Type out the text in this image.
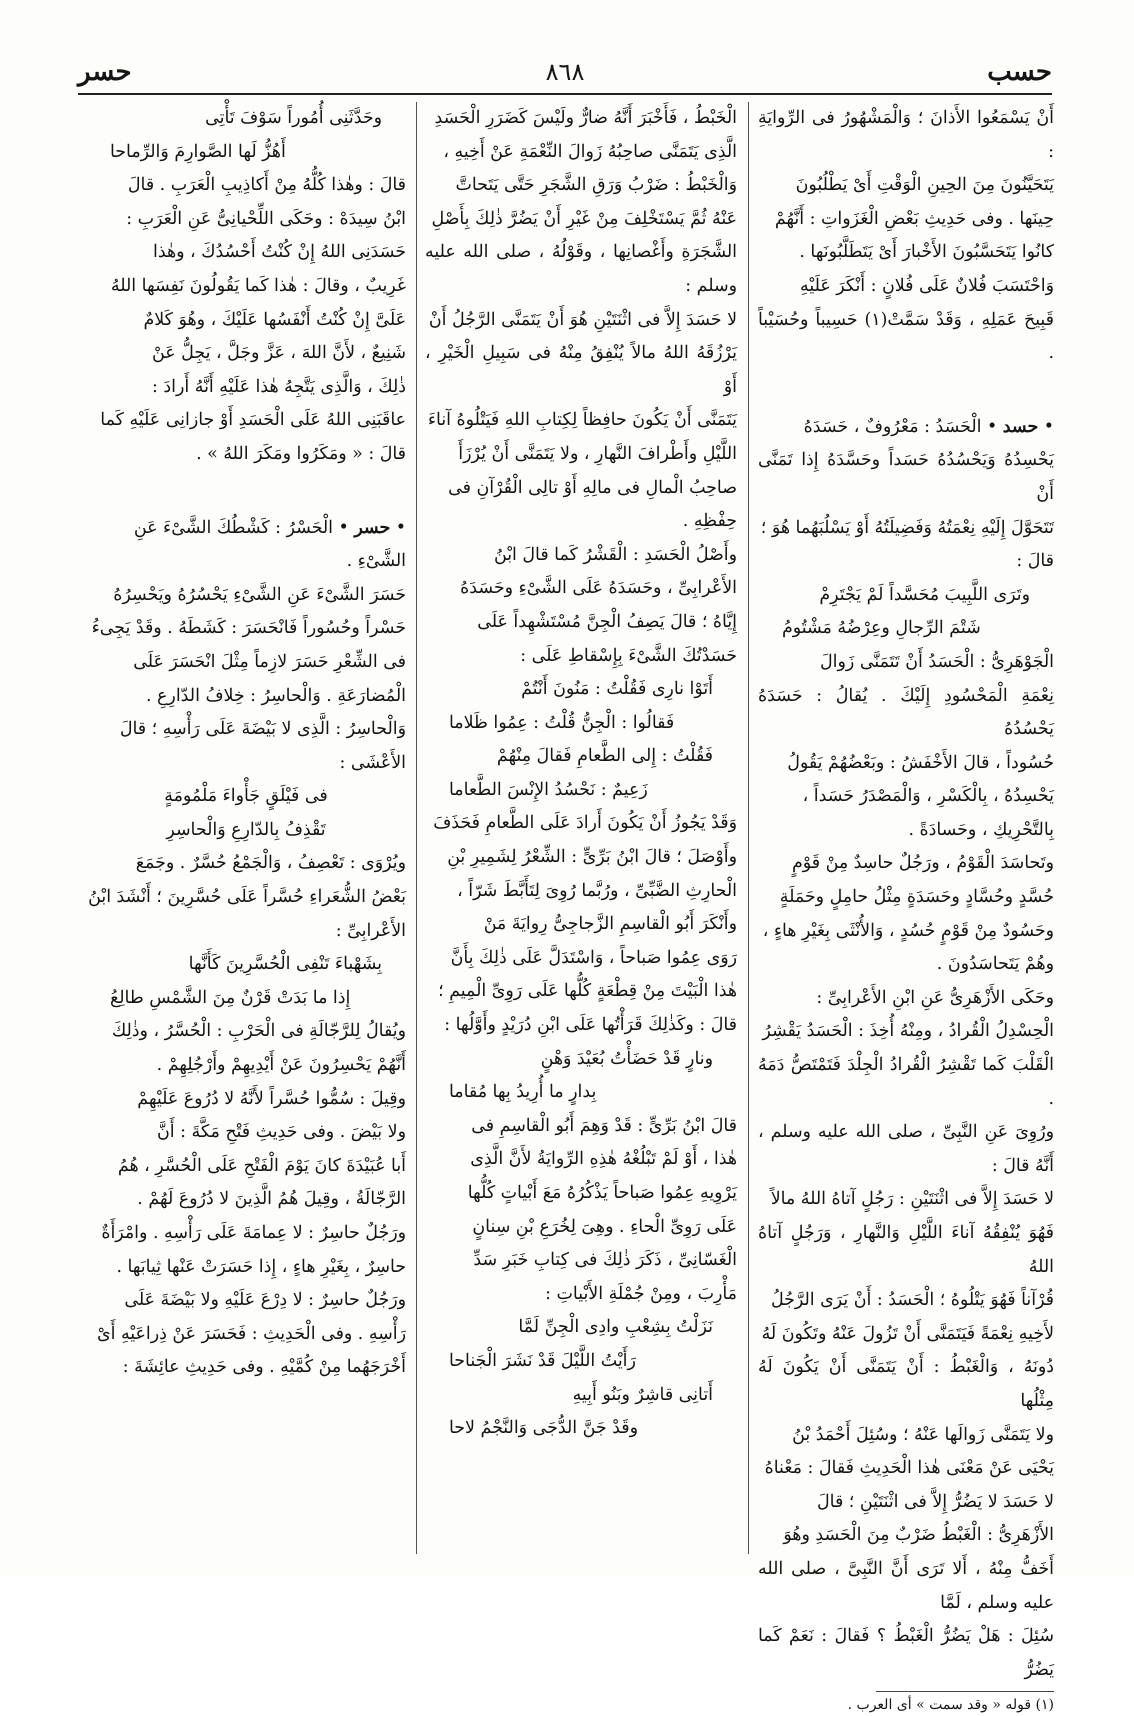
٨٦٨
حسر	حسب

أَنْ يَسْمَعُوا الأَذانَ ؛ وَالْمَشْهُورُ فى الرِّوايَةِ :

يَتَحَيَّنُونَ مِنَ الحِينِ الْوَقْتِ أَىْ يَطْلُبُونَ

حِينَها . وفى حَدِيثِ بَعْضِ الْغَزَواتِ : أَنَّهُمْ

كانُوا يَتَحَسَّبُونَ الأَخْبارَ أَىْ يَتَطَلَّبُونَها .

وَاحْتَسَبَ فُلانٌ عَلَى فُلانٍ : أَنْكَرَ عَلَيْهِ

قَبِيحَ عَمَلِهِ ، وَقَدْ سَمَّتْ(١) حَسِيباً وحُسَيْباً .

• حسد • الْحَسَدُ : مَعْرُوفٌ ، حَسَدَهُ

يَحْسِدُهُ وَيَحْسُدُهُ حَسَداً وحَسَّدَهُ إِذا تَمَنَّى أَنْ

تَتَحَوَّلَ إِلَيْهِ نِعْمَتُهُ وَفَضِيلَتُهُ أَوْ يَسْلُبَهُما هُوَ ؛

قالَ :

وتَرَى اللَّبِيبَ مُحَسَّداً لَمْ يَجْتَرِمْ

شَتْمَ الرِّجالِ وعِرْضُهُ مَشْتُومُ

الْجَوْهَرِىُّ : الْحَسَدُ أَنْ تَتَمَنَّى زَوالَ

نِعْمَةِ الْمَحْسُودِ إِلَيْكَ . يُقالُ : حَسَدَهُ يَحْسُدُهُ

حُسُوداً ، قالَ الأَخْفَشُ : وبَعْضُهُمْ يَقُولُ

يَحْسِدُهُ ، بِالْكَسْرِ ، وَالْمَصْدَرُ حَسَداً ،

بِالتَّحْرِيكِ ، وحَسادَةً .

وتَحاسَدَ الْقَوْمُ ، ورَجُلٌ حاسِدٌ مِنْ قَوْمٍ

حُسَّدٍ وحُسَّادٍ وحَسَدَةٍ مِثْلُ حامِلٍ وحَمَلَةٍ

وحَسُودٌ مِنْ قَوْمٍ حُسُدٍ ، وَالأُنْثَى بِغَيْرِ هاءٍ ،

وهُمْ يَتَحاسَدُونَ .

وحَكَى الأَزْهَرِىُّ عَنِ ابْنِ الأَعْرابِىِّ :

الْحِسْدِلُ الْقُرادُ ، ومِنْهُ أُخِذَ : الْحَسَدُ يَقْشِرُ

الْقَلْبَ كَما تَقْشِرُ الْقُرادُ الْجِلْدَ فَتَمْتَصُّ دَمَهُ .

ورُوِىَ عَنِ النَّبِىِّ ، صلى الله عليه وسلم ، أَنَّهُ قالَ :

لا حَسَدَ إِلاَّ فى اثْنَتَيْنِ : رَجُلٍ آتاهُ اللهُ مالاً

فَهُوَ يُنْفِقُهُ آناءَ اللَّيْلِ وَالنَّهارِ ، وَرَجُلٍ آتاهُ اللهُ

قُرْآناً فَهُوَ يَتْلُوهُ ؛ الْحَسَدُ : أَنْ يَرَى الرَّجُلُ

لأَخِيهِ نِعْمَةً فَيَتَمَنَّى أَنْ تَزُولَ عَنْهُ وتَكُونَ لَهُ

دُونَهُ ، وَالْغَبْطُ : أَنْ يَتَمَنَّى أَنْ يَكُونَ لَهُ مِثْلُها

ولا يَتَمَنَّى زَوالَها عَنْهُ ؛ وسُئِلَ أَحْمَدُ بْنُ

يَحْيَى عَنْ مَعْنَى هٰذا الْحَدِيثِ فَقالَ : مَعْناهُ

لا حَسَدَ لا يَضُرُّ إِلاَّ فى اثْنَتَيْنِ ؛ قالَ

الأَزْهَرِىُّ : الْغَبْطُ ضَرْبٌ مِنَ الْحَسَدِ وهُوَ

أَخَفُّ مِنْهُ ، أَلا تَرَى أَنَّ النَّبِىَّ ، صلى الله عليه وسلم ، لَمَّا

سُئِلَ : هَلْ يَضُرُّ الْغَبْطُ ؟ فَقالَ : نَعَمْ كَما يَضُرُّ

(١) قوله « وقد سمت » أى العرب .

الْخَبْطُ ، فَأَخْبَرَ أَنَّهُ ضارٌّ ولَيْسَ كَضَرَرِ الْحَسَدِ

الَّذِى يَتَمَنَّى صاحِبُهُ زَوالَ النِّعْمَةِ عَنْ أَخِيهِ ،

وَالْخَبْطُ : ضَرْبُ وَرَقِ الشَّجَرِ حَتَّى يَتَحاتَّ

عَنْهُ ثُمَّ يَسْتَخْلِفَ مِنْ غَيْرِ أَنْ يَضُرَّ ذٰلِكَ بِأَصْلِ

الشَّجَرَةِ وأَغْصانِها ، وقَوْلُهُ ، صلى الله عليه وسلم :

لا حَسَدَ إِلاَّ فى اثْنَتَيْنِ هُوَ أَنْ يَتَمَنَّى الرَّجُلُ أَنْ

يَرْزُقَهُ اللهُ مالاً يُنْفِقُ مِنْهُ فى سَبِيلِ الْخَيْرِ ، أَوْ

يَتَمَنَّى أَنْ يَكُونَ حافِظاً لِكِتابِ اللهِ فَيَتْلُوهُ آناءَ

اللَّيْلِ وأَطْرافَ النَّهارِ ، ولا يَتَمَنَّى أَنْ يُرْزَأَ

صاحِبُ الْمالِ فى مالِهِ أَوْ تالِى الْقُرْآنِ فى

حِفْظِهِ .

وأَصْلُ الْحَسَدِ : الْقَشْرُ كَما قالَ ابْنُ

الأَعْرابِىِّ ، وحَسَدَهُ عَلَى الشَّىْءِ وحَسَدَهُ

إِيَّاهُ ؛ قالَ يَصِفُ الْجِنَّ مُسْتَشْهِداً عَلَى

حَسَدْتُكَ الشَّىْءَ بِإِسْقاطِ عَلَى :

أَتَوْا نارِى فَقُلْتُ : مَنُونَ أَنْتُمْ

فَقالُوا : الْجِنُّ قُلْتُ : عِمُوا ظَلاما

فَقُلْتُ : إِلى الطَّعامِ فَقالَ مِنْهُمْ

زَعِيمٌ : نَحْسُدُ الإِنْسَ الطَّعاما

وَقَدْ يَجُوزُ أَنْ يَكُونَ أَرادَ عَلَى الطَّعامِ فَحَذَفَ

وأَوْصَلَ ؛ قالَ ابْنُ بَرِّىٍّ : الشِّعْرُ لِشَمِيرِ بْنِ

الْحارِثِ الضَّبِّىِّ ، ورُبَّما رُوِىَ لِتَأَبَّطَ شَرّاً ،

وأَنْكَرَ أَبُو الْقاسِمِ الزَّجاجِىُّ رِوايَةَ مَنْ

رَوَى عِمُوا صَباحاً ، وَاسْتَدَلَّ عَلَى ذٰلِكَ بِأَنَّ

هٰذا الْبَيْتَ مِنْ قِطْعَةٍ كُلُّها عَلَى رَوِىِّ الْمِيمِ ؛

قالَ : وكَذٰلِكَ قَرَأْتُها عَلَى ابْنِ دُرَيْدٍ وأَوَّلُها :

ونارٍ قَدْ حَضَأْتُ بُعَيْدَ وَهْنٍ

بِدارٍ ما أُرِيدُ بِها مُقاما

قالَ ابْنُ بَرِّىٍّ : قَدْ وَهِمَ أَبُو الْقاسِمِ فى

هٰذا ، أَوْ لَمْ تَبْلُغْهُ هٰذِهِ الرِّوايَةُ لأَنَّ الَّذِى

يَرْوِيهِ عِمُوا صَباحاً يَذْكُرُهُ مَعَ أَبْياتٍ كُلُّها

عَلَى رَوِىِّ الْحاءِ . وهِىَ لِخُرَعِ بْنِ سِنانٍ

الْغَسّانِىِّ ، ذَكَرَ ذٰلِكَ فى كِتابِ خَبَرِ سَدِّ

مَأْرِبَ ، ومِنْ جُمْلَةِ الأَبْياتِ :

نَزَلْتُ بِشِعْبِ وادِى الْجِنِّ لَمَّا

رَأَيْتُ اللَّيْلَ قَدْ نَشَرَ الْجَناحا

أَتانِى قاشِرٌ وبَنُو أَبِيهِ

وقَدْ جَنَّ الدُّجَى وَالنَّجْمُ لاحا

وحَدَّثَنِى أُمُوراً سَوْفَ تَأْتِى

أَهُزُّ لَها الصَّوارِمَ وَالرِّماحا

قالَ : وهٰذا كُلُّهُ مِنْ أَكاذِيبِ الْعَرَبِ . قالَ

ابْنُ سِيدَهْ : وحَكَى اللِّحْيانِىُّ عَنِ الْعَرَبِ :

حَسَدَنِى اللهُ إِنْ كُنْتُ أَحْسُدُكَ ، وهٰذا

غَرِيبٌ ، وقالَ : هٰذا كَما يَقُولُونَ نَفِسَها اللهُ

عَلَىَّ إِنْ كُنْتُ أَنْفَسُها عَلَيْكَ ، وهُوَ كَلامٌ

شَنِيعٌ ، لأَنَّ اللهَ ، عَزَّ وجَلَّ ، يَجِلُّ عَنْ

ذٰلِكَ ، وَالَّذِى يَتَّجِهُ هٰذا عَلَيْهِ أَنَّهُ أَرادَ :

عاقَبَنِى اللهُ عَلَى الْحَسَدِ أَوْ جازانِى عَلَيْهِ كَما

قالَ : « ومَكَرُوا ومَكَرَ اللهُ » .

• حسر • الْحَسْرُ : كَشْطُكَ الشَّىْءَ عَنِ

الشَّىْءِ .

حَسَرَ الشَّىْءَ عَنِ الشَّىْءِ يَحْسُرُهُ ويَحْسِرُهُ

حَسْراً وحُسُوراً فَانْحَسَرَ : كَشَطَهُ . وقَدْ يَجِىءُ

فى الشِّعْرِ حَسَرَ لازِماً مِثْلَ انْحَسَرَ عَلَى

الْمُضارَعَةِ . وَالْحاسِرُ : خِلافُ الدّارِعِ .

وَالْحاسِرُ : الَّذِى لا بَيْضَةَ عَلَى رَأْسِهِ ؛ قالَ

الأَعْشَى :

فى فَيْلَقٍ جَأْواءَ مَلْمُومَةٍ

تَقْذِفُ بِالدّارِعِ وَالْحاسِرِ

ويُرْوَى : تَعْصِفُ ، وَالْجَمْعُ حُسَّرٌ . وجَمَعَ

بَعْضُ الشُّعَراءِ حُسَّراً عَلَى حُسَّرِينَ ؛ أَنْشَدَ ابْنُ

الأَعْرابِىِّ :

بِشَهْباءَ تَنْفِى الْحُسَّرِينَ كَأَنَّها

إِذا ما بَدَتْ قَرْنٌ مِنَ الشَّمْسِ طالِعُ

ويُقالُ لِلرَّجّالَةِ فى الْحَرْبِ : الْحُسَّرُ ، وذٰلِكَ

أَنَّهُمْ يَحْسِرُونَ عَنْ أَيْدِيهِمْ وأَرْجُلِهِمْ .

وقِيلَ : سُمُّوا حُسَّراً لأَنَّهُ لا دُرُوعَ عَلَيْهِمْ

ولا بَيْضَ . وفى حَدِيثِ فَتْحِ مَكَّةَ : أَنَّ

أَبا عُبَيْدَةَ كانَ يَوْمَ الْفَتْحِ عَلَى الْحُسَّرِ ، هُمُ

الرَّجّالَةُ ، وقِيلَ هُمُ الَّذِينَ لا دُرُوعَ لَهُمْ .

ورَجُلٌ حاسِرٌ : لا عِمامَةَ عَلَى رَأْسِهِ . وامْرَأَةٌ

حاسِرٌ ، بِغَيْرِ هاءٍ ، إِذا حَسَرَتْ عَنْها ثِيابَها .

ورَجُلٌ حاسِرٌ : لا دِرْعَ عَلَيْهِ ولا بَيْضَةَ عَلَى

رَأْسِهِ . وفى الْحَدِيثِ : فَحَسَرَ عَنْ ذِراعَيْهِ أَىْ

أَخْرَجَهُما مِنْ كُمَّيْهِ . وفى حَدِيثِ عائِشَةَ :
